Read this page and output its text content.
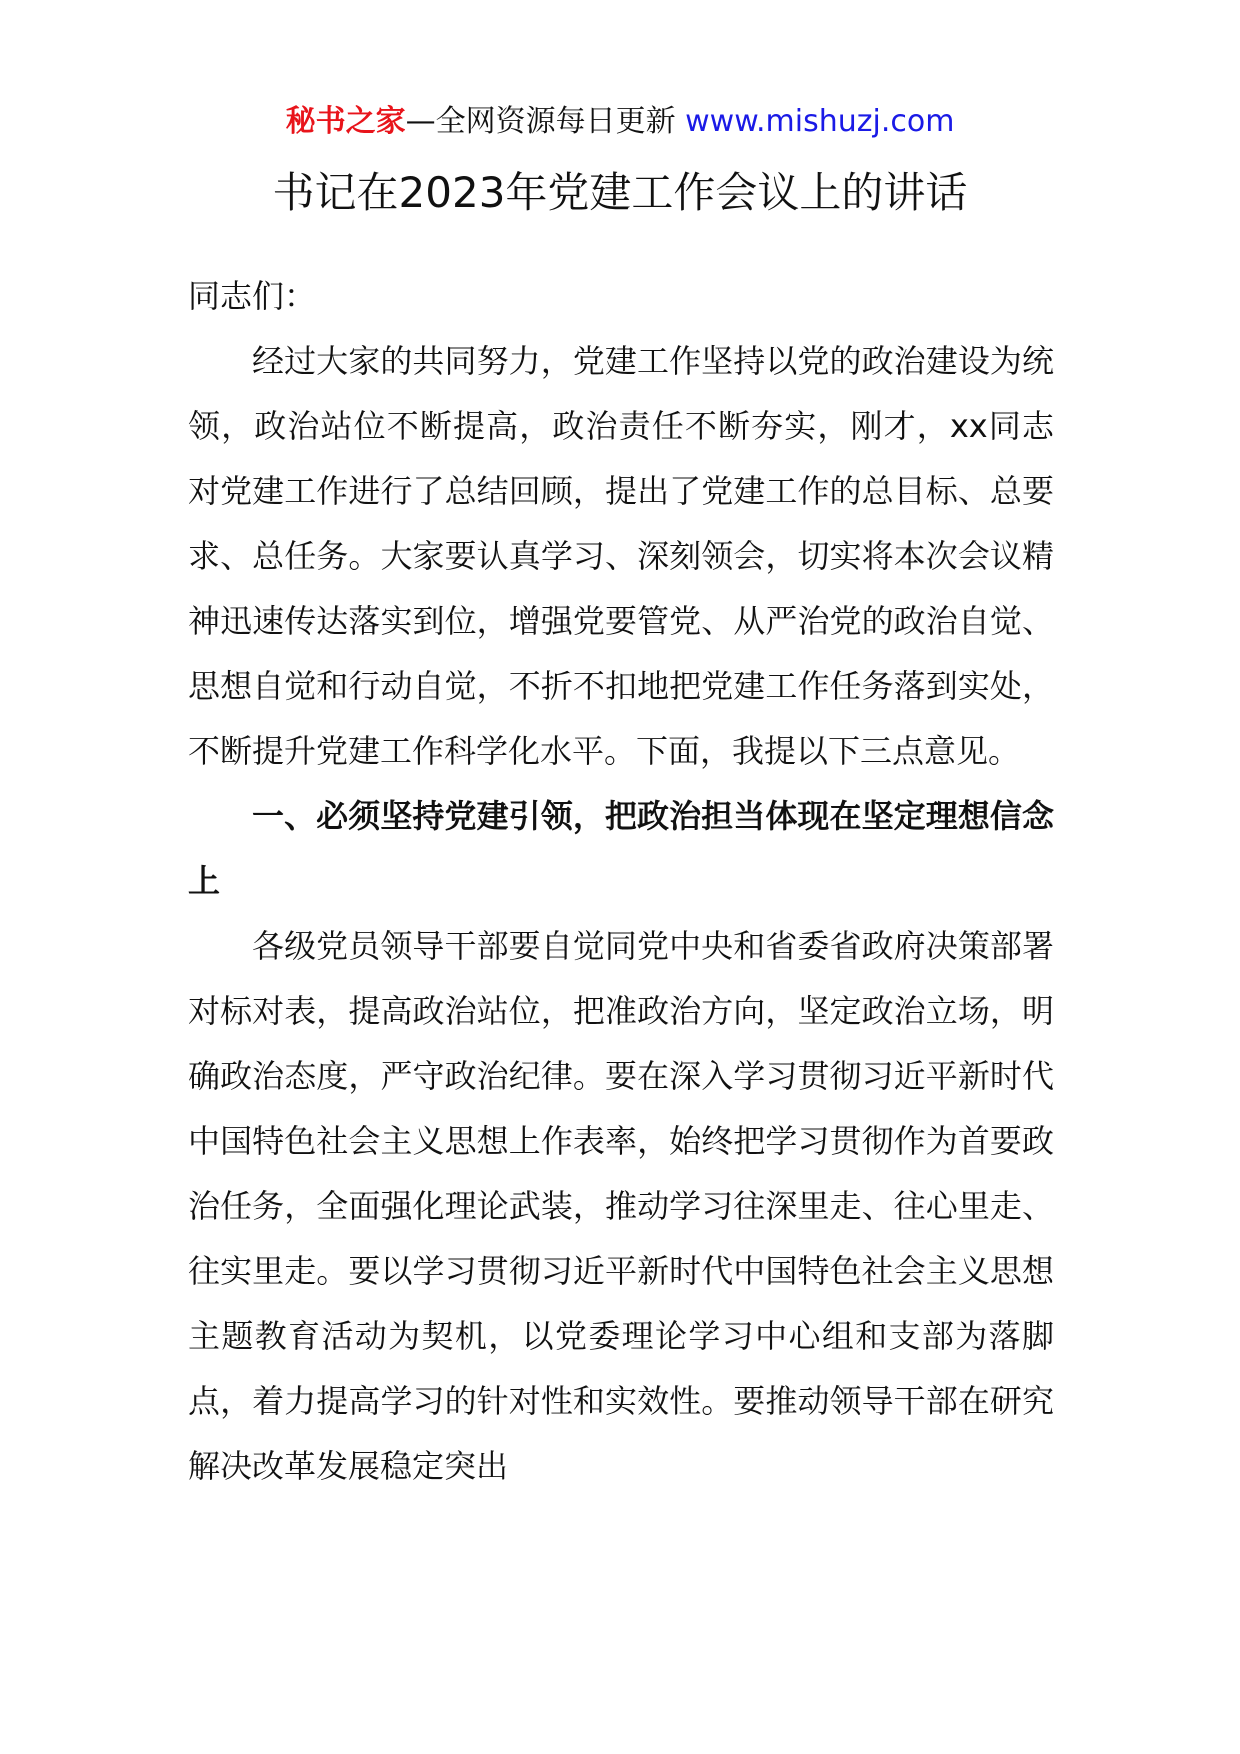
秘书之家—全网资源每日更新 www.mishuzj.com
书记在2023年党建工作会议上的讲话

同志们：

经过大家的共同努力，党建工作坚持以党的政治建设为统领，政治站位不断提高，政治责任不断夯实，刚才，xx同志对党建工作进行了总结回顾，提出了党建工作的总目标、总要求、总任务。大家要认真学习、深刻领会，切实将本次会议精神迅速传达落实到位，增强党要管党、从严治党的政治自觉、思想自觉和行动自觉，不折不扣地把党建工作任务落到实处，不断提升党建工作科学化水平。下面，我提以下三点意见。

一、必须坚持党建引领，把政治担当体现在坚定理想信念上

各级党员领导干部要自觉同党中央和省委省政府决策部署对标对表，提高政治站位，把准政治方向，坚定政治立场，明确政治态度，严守政治纪律。要在深入学习贯彻习近平新时代中国特色社会主义思想上作表率，始终把学习贯彻作为首要政治任务，全面强化理论武装，推动学习往深里走、往心里走、往实里走。要以学习贯彻习近平新时代中国特色社会主义思想主题教育活动为契机，以党委理论学习中心组和支部为落脚点，着力提高学习的针对性和实效性。要推动领导干部在研究解决改革发展稳定突出
